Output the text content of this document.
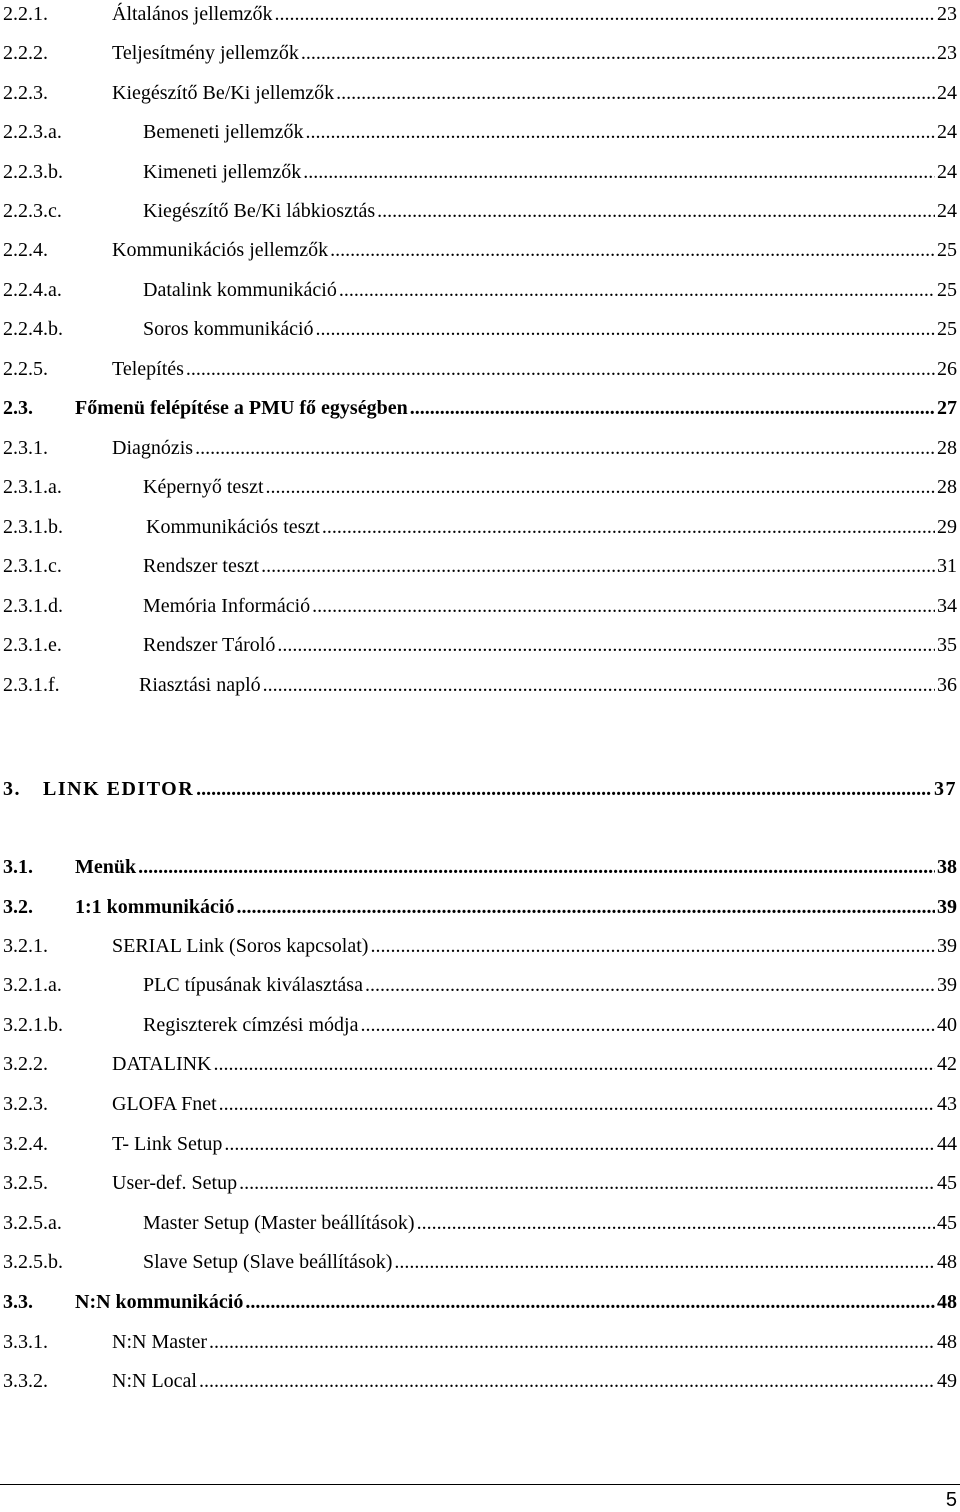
2.2.1.	Általános jellemzők .....	23
2.2.2.	Teljesítmény jellemzők .....	23
2.2.3.	Kiegészítő Be/Ki jellemzők .....	24
2.2.3.a.	Bemeneti jellemzők .....	24
2.2.3.b.	Kimeneti jellemzők .....	24
2.2.3.c.	Kiegészítő Be/Ki lábkiosztás .....	24
2.2.4.	Kommunikációs jellemzők .....	25
2.2.4.a.	Datalink kommunikáció .....	25
2.2.4.b.	Soros kommunikáció .....	25
2.2.5.	Telepítés .....	26
2.3.	Főmenü felépítése a PMU fő egységben .....	27
2.3.1.	Diagnózis .....	28
2.3.1.a.	Képernyő teszt .....	28
2.3.1.b.	Kommunikációs teszt .....	29
2.3.1.c.	Rendszer teszt .....	31
2.3.1.d.	Memória Információ .....	34
2.3.1.e.	Rendszer Tároló .....	35
2.3.1.f.	Riasztási napló .....	36
3.	LINK EDITOR .....	37
3.1.	Menük .....	38
3.2.	1:1 kommunikáció .....	39
3.2.1.	SERIAL Link (Soros kapcsolat) .....	39
3.2.1.a.	PLC típusának kiválasztása .....	39
3.2.1.b.	Regiszterek címzési módja .....	40
3.2.2.	DATALINK .....	42
3.2.3.	GLOFA Fnet .....	43
3.2.4.	T- Link Setup .....	44
3.2.5.	User-def. Setup .....	45
3.2.5.a.	Master Setup (Master beállítások) .....	45
3.2.5.b.	Slave Setup (Slave beállítások) .....	48
3.3.	N:N kommunikáció .....	48
3.3.1.	N:N Master .....	48
3.3.2.	N:N Local .....	49
5
